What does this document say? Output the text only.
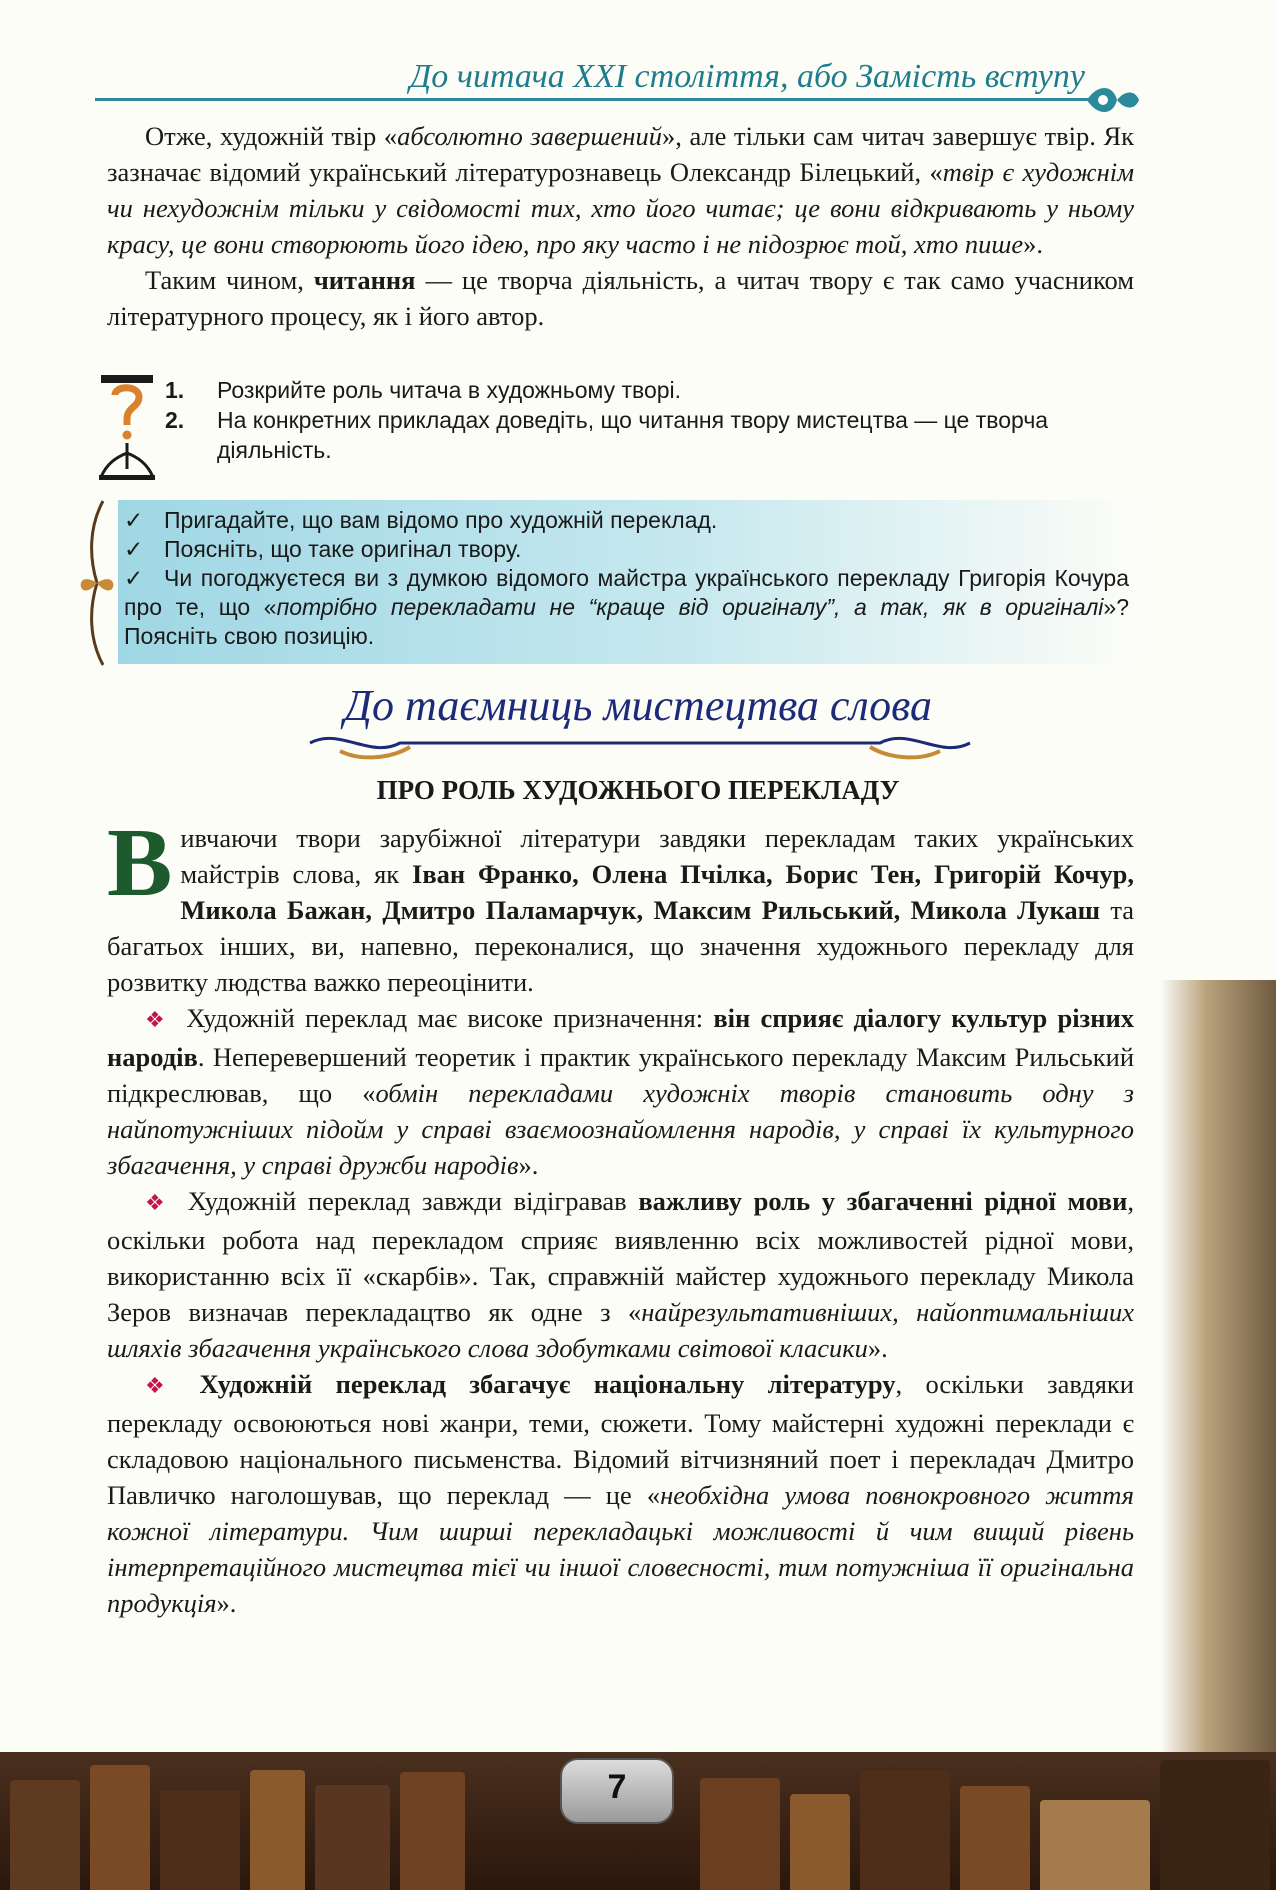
До читача XXI століття, або Замість вступу

Отже, художній твір «абсолютно завершений», але тільки сам читач завершує твір. Як зазначає відомий український літературознавець Олександр Білецький, «твір є художнім чи нехудожнім тільки у свідомості тих, хто його читає; це вони відкривають у ньому красу, це вони створюють його ідею, про яку часто і не підозрює той, хто пише».

Таким чином, читання — це творча діяльність, а читач твору є так само учасником літературного процесу, як і його автор.

1.	Розкрийте роль читача в художньому творі.
2.	На конкретних прикладах доведіть, що читання твору мистецтва — це творча діяльність.
✓ Пригадайте, що вам відомо про художній переклад.
✓ Поясніть, що таке оригінал твору.
✓ Чи погоджуєтеся ви з думкою відомого майстра українського перекладу Григорія Кочура про те, що «потрібно перекладати не “краще від оригіналу”, а так, як в оригіналі»? Поясніть свою позицію.
До таємниць мистецтва слова
ПРО РОЛЬ ХУДОЖНЬОГО ПЕРЕКЛАДУ

Вивчаючи твори зарубіжної літератури завдяки перекладам таких українських майстрів слова, як Іван Франко, Олена Пчілка, Борис Тен, Григорій Кочур, Микола Бажан, Дмитро Паламарчук, Максим Рильський, Микола Лукаш та багатьох інших, ви, напевно, переконалися, що значення художнього перекладу для розвитку людства важко переоцінити.

❖ Художній переклад має високе призначення: він сприяє діалогу культур різних народів. Неперевершений теоретик і практик українського перекладу Максим Рильський підкреслював, що «обмін перекладами художніх творів становить одну з найпотужніших підойм у справі взаємоознайомлення народів, у справі їх культурного збагачення, у справі дружби народів».

❖ Художній переклад завжди відігравав важливу роль у збагаченні рідної мови, оскільки робота над перекладом сприяє виявленню всіх можливостей рідної мови, використанню всіх її «скарбів». Так, справжній майстер художнього перекладу Микола Зеров визначав перекладацтво як одне з «найрезультативніших, найоптимальніших шляхів збагачення українського слова здобутками світової класики».

❖ Художній переклад збагачує національну літературу, оскільки завдяки перекладу освоюються нові жанри, теми, сюжети. Тому майстерні художні переклади є складовою національного письменства. Відомий вітчизняний поет і перекладач Дмитро Павличко наголошував, що переклад — це «необхідна умова повнокровного життя кожної літератури. Чим ширші перекладацькі можливості й чим вищий рівень інтерпретаційного мистецтва тієї чи іншої словесності, тим потужніша її оригінальна продукція».

7
